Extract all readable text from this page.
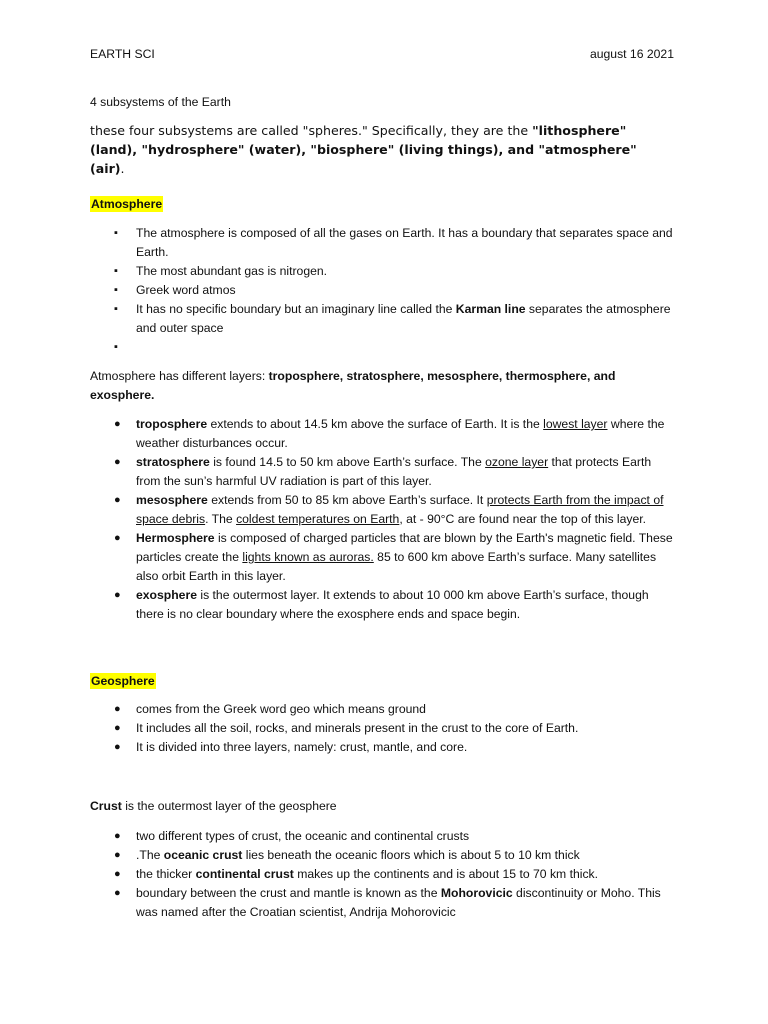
EARTH SCI	august 16 2021
4 subsystems of the Earth
these four subsystems are called "spheres." Specifically, they are the "lithosphere" (land), "hydrosphere" (water), "biosphere" (living things), and "atmosphere" (air).
Atmosphere
▪ The atmosphere is composed of all the gases on Earth. It has a boundary that separates space and Earth.
▪ The most abundant gas is nitrogen.
▪ Greek word atmos
▪ It has no specific boundary but an imaginary line called the Karman line separates the atmosphere and outer space
▪

Atmosphere has different layers: troposphere, stratosphere, mesosphere, thermosphere, and exosphere.
● troposphere extends to about 14.5 km above the surface of Earth. It is the lowest layer where the weather disturbances occur.
● stratosphere is found 14.5 to 50 km above Earth’s surface. The ozone layer that protects Earth from the sun’s harmful UV radiation is part of this layer.
● mesosphere extends from 50 to 85 km above Earth’s surface. It protects Earth from the impact of space debris. The coldest temperatures on Earth, at - 90°C are found near the top of this layer.
● Hermosphere is composed of charged particles that are blown by the Earth's magnetic field. These particles create the lights known as auroras. 85 to 600 km above Earth’s surface. Many satellites also orbit Earth in this layer.
● exosphere is the outermost layer. It extends to about 10 000 km above Earth’s surface, though there is no clear boundary where the exosphere ends and space begin.
Geosphere
● comes from the Greek word geo which means ground
● It includes all the soil, rocks, and minerals present in the crust to the core of Earth.
● It is divided into three layers, namely: crust, mantle, and core.
Crust is the outermost layer of the geosphere
● two different types of crust, the oceanic and continental crusts
● .The oceanic crust lies beneath the oceanic floors which is about 5 to 10 km thick
● the thicker continental crust makes up the continents and is about 15 to 70 km thick.
● boundary between the crust and mantle is known as the Mohorovicic discontinuity or Moho. This was named after the Croatian scientist, Andrija Mohorovicic
